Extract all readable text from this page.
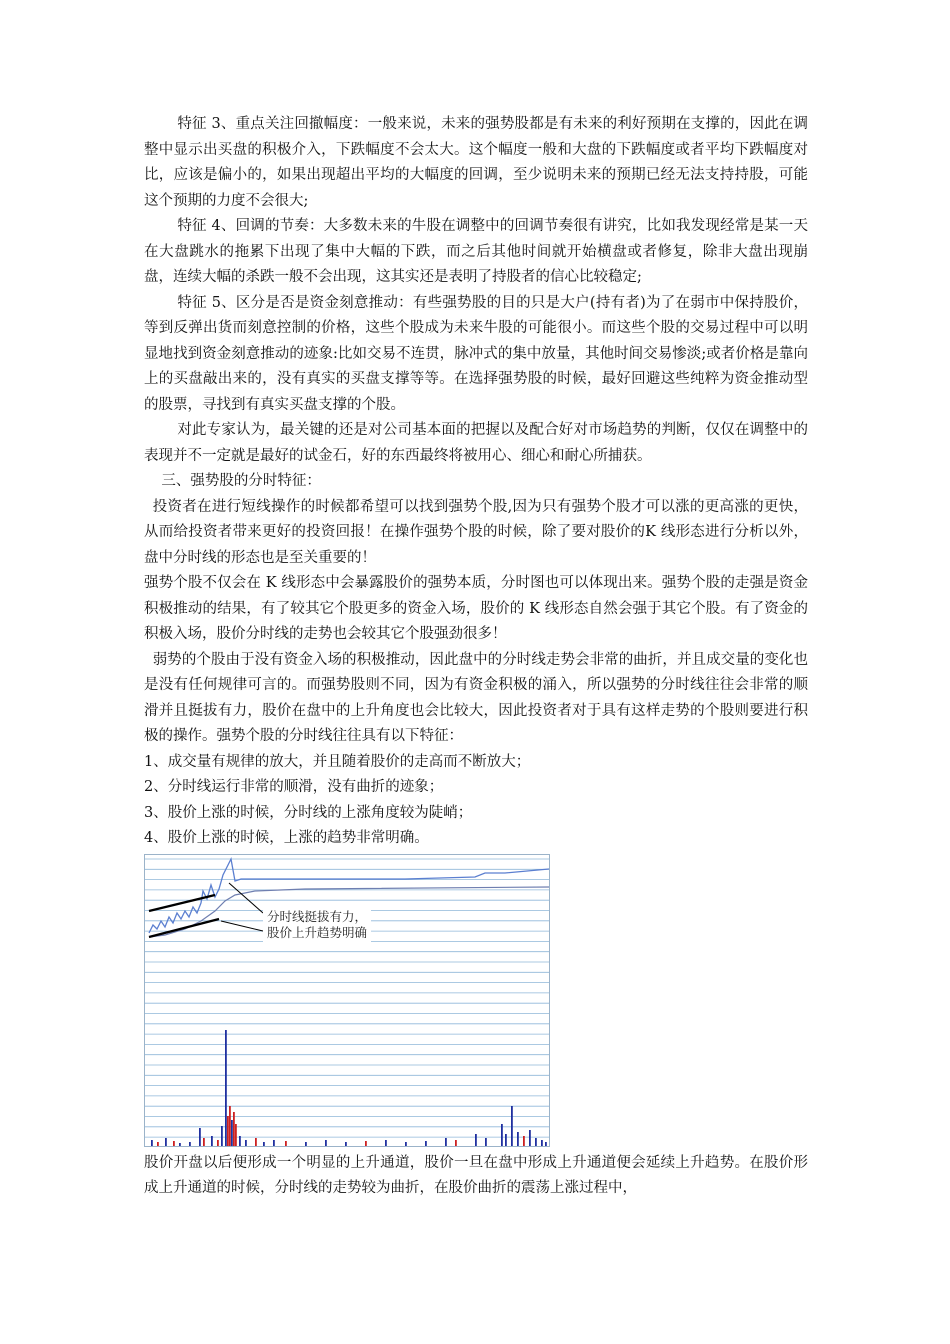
特征 3、重点关注回撤幅度：一般来说，未来的强势股都是有未来的利好预期在支撑的，因此在调整中显示出买盘的积极介入，下跌幅度不会太大。这个幅度一般和大盘的下跌幅度或者平均下跌幅度对比，应该是偏小的，如果出现超出平均的大幅度的回调，至少说明未来的预期已经无法支持持股，可能这个预期的力度不会很大;

特征 4、回调的节奏：大多数未来的牛股在调整中的回调节奏很有讲究，比如我发现经常是某一天在大盘跳水的拖累下出现了集中大幅的下跌，而之后其他时间就开始横盘或者修复，除非大盘出现崩盘，连续大幅的杀跌一般不会出现，这其实还是表明了持股者的信心比较稳定;

特征 5、区分是否是资金刻意推动：有些强势股的目的只是大户(持有者)为了在弱市中保持股价，等到反弹出货而刻意控制的价格，这些个股成为未来牛股的可能很小。而这些个股的交易过程中可以明显地找到资金刻意推动的迹象:比如交易不连贯，脉冲式的集中放量，其他时间交易惨淡;或者价格是靠向上的买盘敲出来的，没有真实的买盘支撑等等。在选择强势股的时候，最好回避这些纯粹为资金推动型的股票，寻找到有真实买盘支撑的个股。

对此专家认为，最关键的还是对公司基本面的把握以及配合好对市场趋势的判断，仅仅在调整中的表现并不一定就是最好的试金石，好的东西最终将被用心、细心和耐心所捕获。

三、强势股的分时特征：

投资者在进行短线操作的时候都希望可以找到强势个股,因为只有强势个股才可以涨的更高涨的更快，从而给投资者带来更好的投资回报！在操作强势个股的时候，除了要对股价的K 线形态进行分析以外，盘中分时线的形态也是至关重要的！

强势个股不仅会在 K 线形态中会暴露股价的强势本质，分时图也可以体现出来。强势个股的走强是资金积极推动的结果，有了较其它个股更多的资金入场，股价的 K 线形态自然会强于其它个股。有了资金的积极入场，股价分时线的走势也会较其它个股强劲很多！

弱势的个股由于没有资金入场的积极推动，因此盘中的分时线走势会非常的曲折，并且成交量的变化也是没有任何规律可言的。而强势股则不同，因为有资金积极的涌入，所以强势的分时线往往会非常的顺滑并且挺拔有力，股价在盘中的上升角度也会比较大，因此投资者对于具有这样走势的个股则要进行积极的操作。强势个股的分时线往往具有以下特征：

1、成交量有规律的放大，并且随着股价的走高而不断放大；

2、分时线运行非常的顺滑，没有曲折的迹象；

3、股价上涨的时候，分时线的上涨角度较为陡峭；

4、股价上涨的时候，上涨的趋势非常明确。

分时线挺拔有力，
股价上升趋势明确

股价开盘以后便形成一个明显的上升通道，股价一旦在盘中形成上升通道便会延续上升趋势。在股价形成上升通道的时候，分时线的走势较为曲折，在股价曲折的震荡上涨过程中，
